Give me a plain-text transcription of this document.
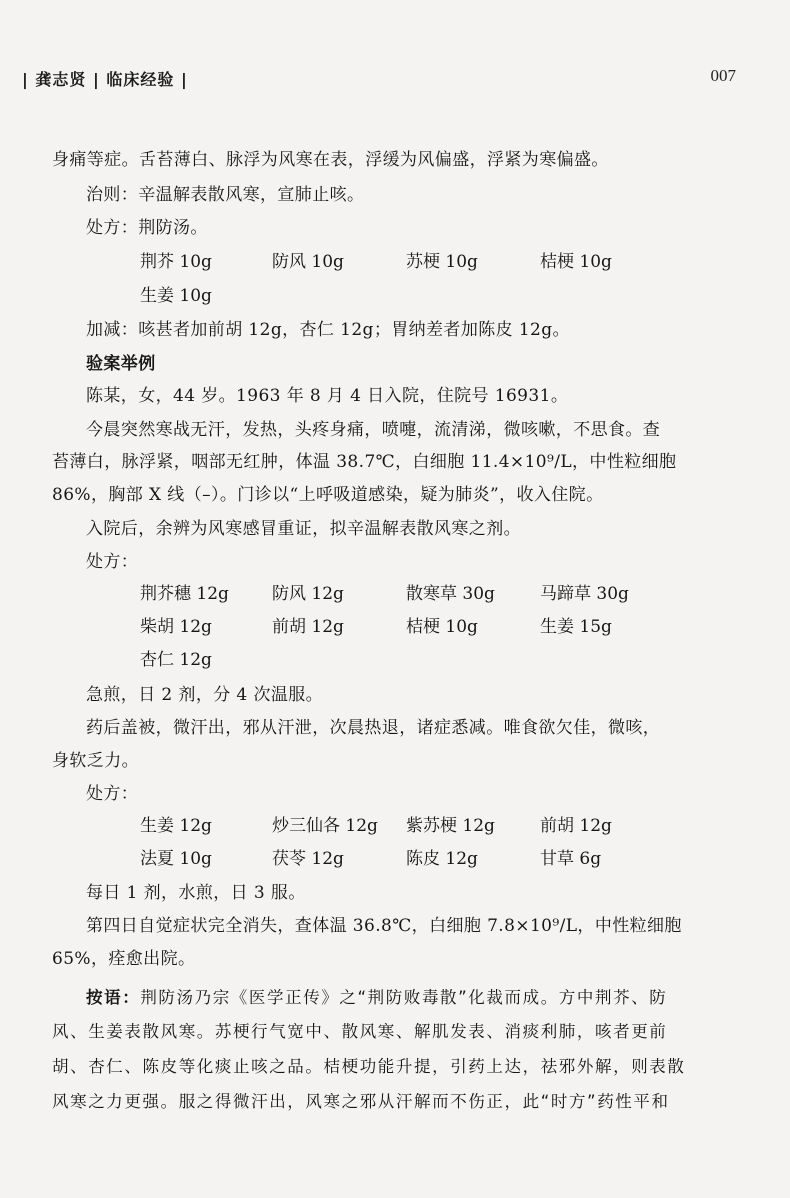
| 龚志贤 | 临床经验 |	007
身痛等症。舌苔薄白、脉浮为风寒在表，浮缓为风偏盛，浮紧为寒偏盛。
治则：辛温解表散风寒，宣肺止咳。
处方：荆防汤。
荆芥 10g	防风 10g	苏梗 10g	桔梗 10g
生姜 10g
加减：咳甚者加前胡 12g，杏仁 12g；胃纳差者加陈皮 12g。
验案举例
陈某，女，44 岁。1963 年 8 月 4 日入院，住院号 16931。
今晨突然寒战无汗，发热，头疼身痛，喷嚏，流清涕，微咳嗽，不思食。查
苔薄白，脉浮紧，咽部无红肿，体温 38.7℃，白细胞 11.4×10⁹/L，中性粒细胞
86%，胸部 X 线（–）。门诊以“上呼吸道感染，疑为肺炎”，收入住院。
入院后，余辨为风寒感冒重证，拟辛温解表散风寒之剂。
处方：
荆芥穗 12g	防风 12g	散寒草 30g	马蹄草 30g
柴胡 12g	前胡 12g	桔梗 10g	生姜 15g
杏仁 12g
急煎，日 2 剂，分 4 次温服。
药后盖被，微汗出，邪从汗泄，次晨热退，诸症悉减。唯食欲欠佳，微咳，
身软乏力。
处方：
生姜 12g	炒三仙各 12g 紫苏梗 12g	前胡 12g
法夏 10g	茯苓 12g	陈皮 12g	甘草 6g
每日 1 剂，水煎，日 3 服。
第四日自觉症状完全消失，查体温 36.8℃，白细胞 7.8×10⁹/L，中性粒细胞
65%，痊愈出院。
按语：荆防汤乃宗《医学正传》之“荆防败毒散”化裁而成。方中荆芥、防
风、生姜表散风寒。苏梗行气宽中、散风寒、解肌发表、消痰利肺，咳者更前
胡、杏仁、陈皮等化痰止咳之品。桔梗功能升提，引药上达，祛邪外解，则表散
风寒之力更强。服之得微汗出，风寒之邪从汗解而不伤正，此“时方”药性平和
